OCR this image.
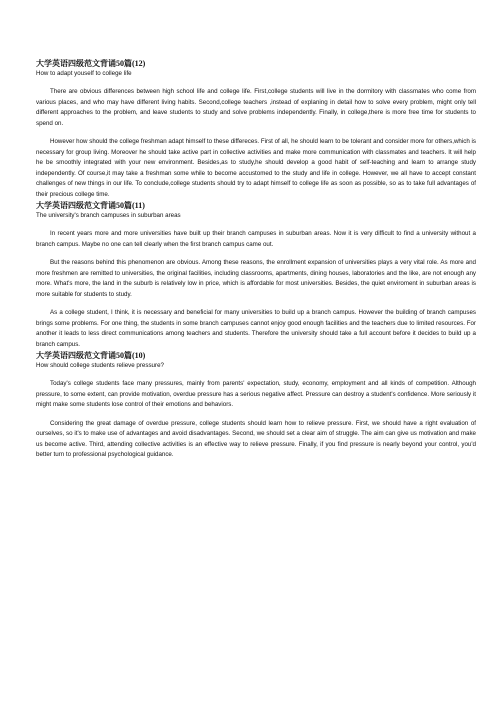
大学英语四级范文背诵50篇(12)

How to adapt youself to college life

There are obvious differences between high school life and college life. First,college students will live in the dormitory with classmates who come from various places, and who may have different living habits. Second,college teachers ,instead of explaning in detail how to solve every problem, might only tell different approaches to the problem, and leave students to study and solve problems independently. Finally, in college,there is more free time for students to spend on.

However how should the college freshman adapt himself to these differeces. First of all, he should learn to be tolerant and consider more for others,which is necessary for group living. Moreover he should take active part in collective activities and make more communication with classmates and teachers. It will help he be smoothly integrated with your new environment. Besides,as to study,he should develop a good habit of self-teaching and learn to arrange study independently. Of course,it may take a freshman some while to become accustomed to the study and life in college. However, we all have to accept constant challenges of new things in our life. To conclude,college students should try to adapt himself to college life as soon as possible, so as to take full advantages of their precious college time.

大学英语四级范文背诵50篇(11)

The university's branch campuses in suburban areas

In recent years more and more universities have built up their branch campuses in suburban areas. Now it is very difficult to find a university without a branch campus. Maybe no one can tell clearly when the first branch campus came out.

But the reasons behind this phenomenon are obvious. Among these reasons, the enrollment expansion of universities plays a very vital role. As more and more freshmen are remitted to universities, the original facilities, including classrooms, apartments, dining houses, laboratories and the like, are not enough any more. What's more, the land in the suburb is relatively low in price, which is affordable for most universities. Besides, the quiet enviroment in suburban areas is more suitable for students to study.

As a college student, I think, it is necessary and beneficial for many universities to build up a branch campus. However the building of branch campuses brings some problems. For one thing, the students in some branch campuses cannot enjoy good enough facilities and the teachers due to limited resources. For another it leads to less direct communications among teachers and students. Therefore the university should take a full account before it decides to build up a branch campus.

大学英语四级范文背诵50篇(10)

How should college students relieve pressure?

Today's college students face many pressures, mainly from parents' expectation, study, economy, employment and all kinds of competition. Although pressure, to some extent, can provide motivation, overdue pressure has a serious negative affect. Pressure can destroy a student's confidence. More seriously it might make some students lose control of their emotions and behaviors.

Considering the great damage of overdue pressure, college students should learn how to relieve pressure. First, we should have a right evaluation of ourselves, so it's to make use of advantages and avoid disadvantages. Second, we should set a clear aim of struggle. The aim can give us motivation and make us become active. Third, attending collective activities is an effective way to relieve pressure. Finally, if you find pressure is nearly beyond your control, you'd better turn to professional psychological guidance.
